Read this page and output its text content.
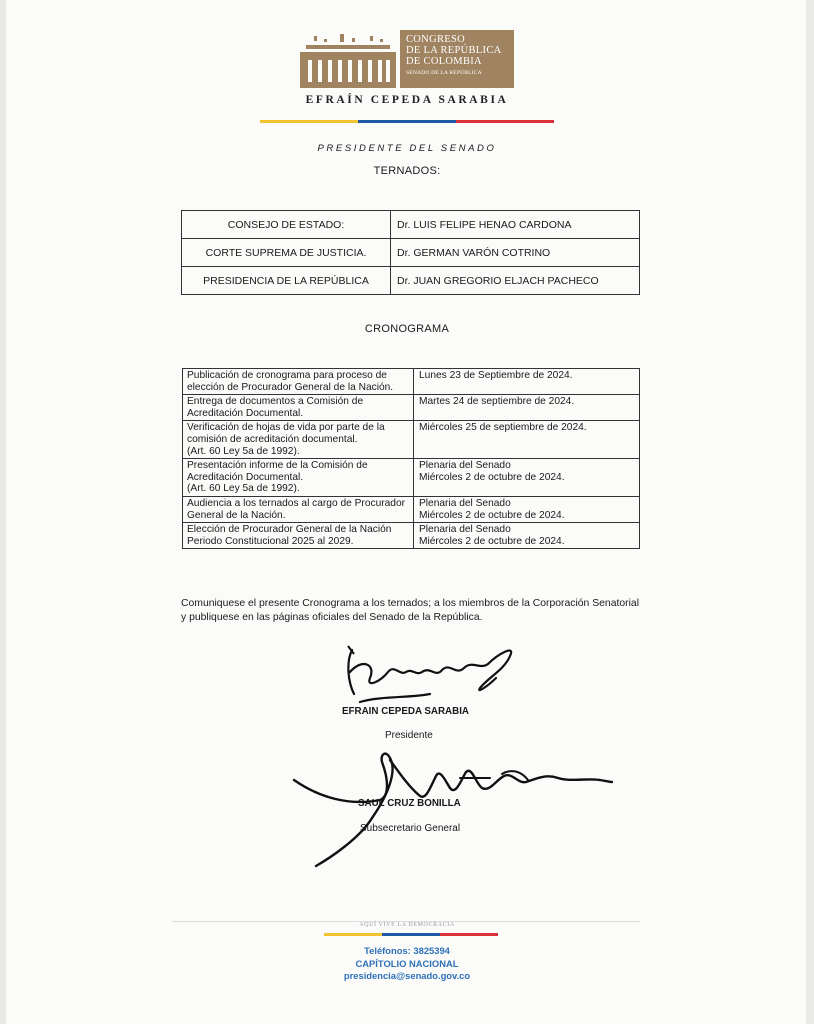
CONGRESO
DE LA REPÚBLICA
DE COLOMBIA
SENADO DE LA REPÚBLICA
EFRAÍN CEPEDA SARABIA
PRESIDENTE DEL SENADO
TERNADOS:
CONSEJO DE ESTADO:	Dr. LUIS FELIPE HENAO CARDONA
CORTE SUPREMA DE JUSTICIA.	Dr. GERMAN VARÓN COTRINO
PRESIDENCIA DE LA REPÚBLICA	Dr. JUAN GREGORIO ELJACH PACHECO
CRONOGRAMA
Publicación de cronograma para proceso de
elección de Procurador General de la Nación.	Lunes 23 de Septiembre de 2024.

Entrega de documentos a Comisión de
Acreditación Documental.	Martes 24 de septiembre de 2024.

Verificación de hojas de vida por parte de la
comisión de acreditación documental.
(Art. 60 Ley 5a de 1992).	Miércoles 25 de septiembre de 2024.

Presentación informe de la Comisión de
Acreditación Documental.
(Art. 60 Ley 5a de 1992).	Plenaria del Senado
Miércoles 2 de octubre de 2024.

Audiencia a los ternados al cargo de Procurador
General de la Nación.	Plenaria del Senado
Miércoles 2 de octubre de 2024.

Elección de Procurador General de la Nación
Periodo Constitucional 2025 al 2029.	Plenaria del Senado
Miércoles 2 de octubre de 2024.
Comuniquese el presente Cronograma a los ternados; a los miembros de la Corporación Senatorial y publiquese en las páginas oficiales del Senado de la República.
EFRAIN CEPEDA SARABIA
Presidente
SAUL CRUZ BONILLA
Subsecretario General
AQUÍ VIVE LA DEMOCRACIA
Teléfonos: 3825394
CAPÍTOLIO NACIONAL
presidencia@senado.gov.co
